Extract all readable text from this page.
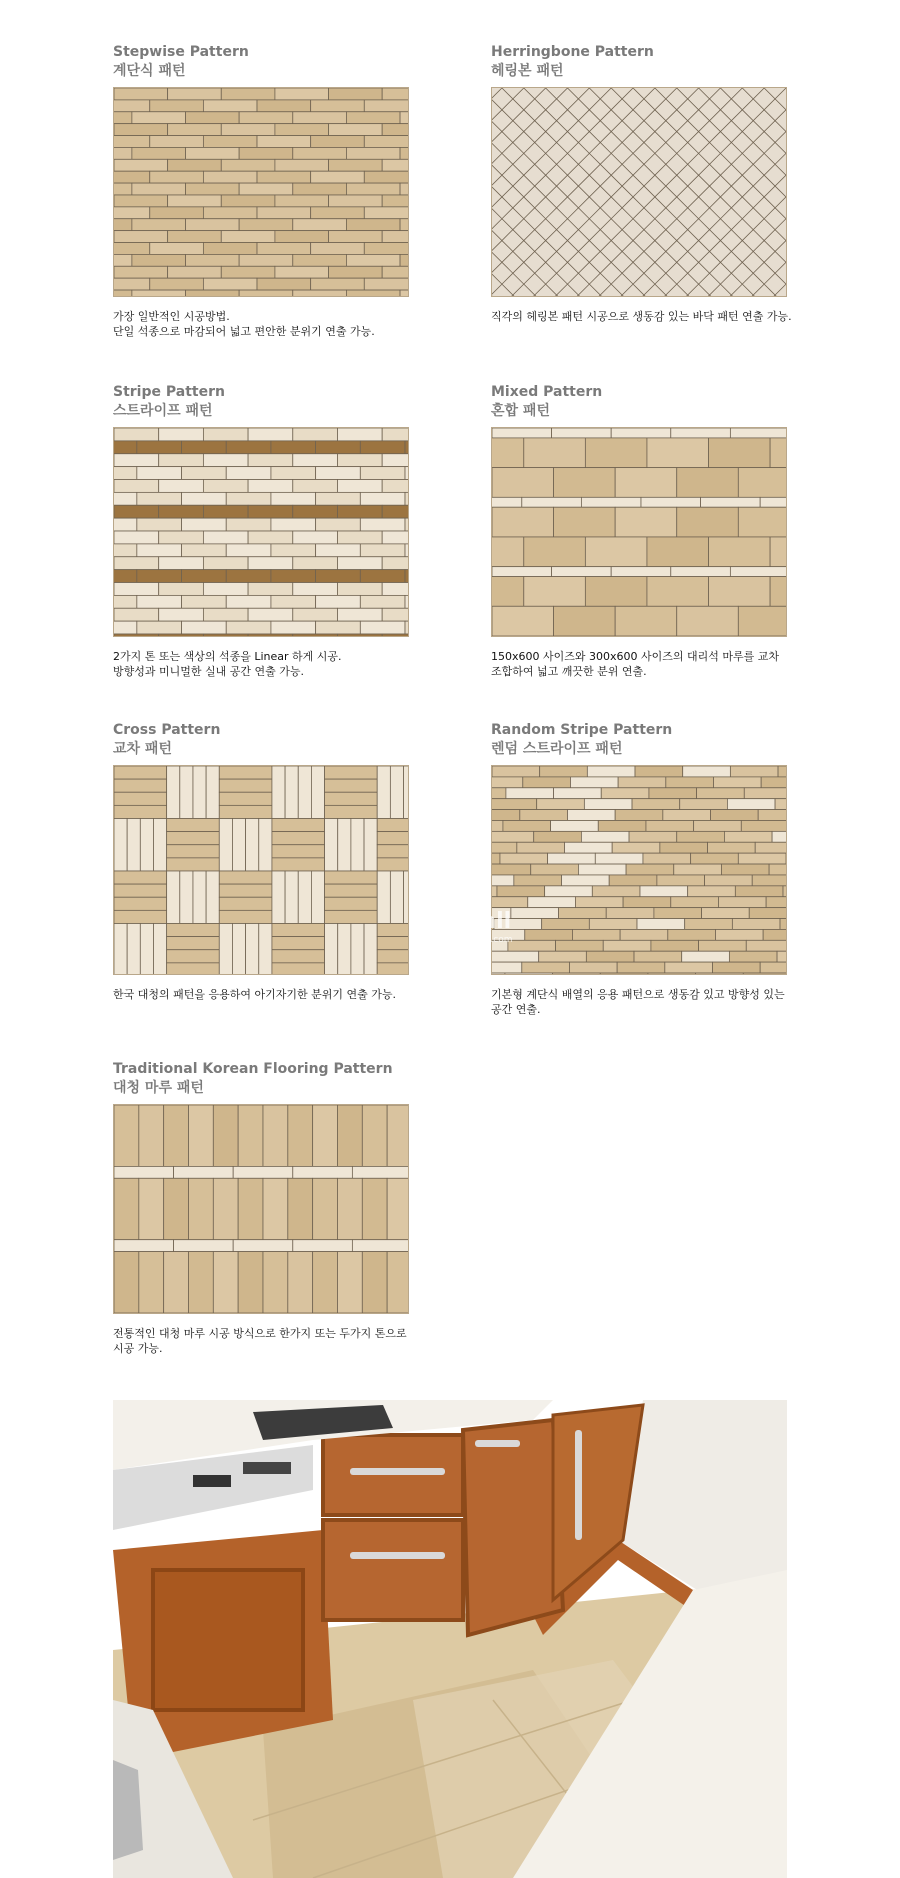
Stepwise Pattern
계단식 패턴
가장 일반적인 시공방법.
단일 석종으로 마감되어 넓고 편안한 분위기 연출 가능.
Herringbone Pattern
헤링본 패턴
직각의 헤링본 패턴 시공으로 생동감 있는 바닥 패턴 연출 가능.
Stripe Pattern
스트라이프 패턴
2가지 톤 또는 색상의 석종을 Linear 하게 시공.
방향성과 미니멀한 실내 공간 연출 가능.
Mixed Pattern
혼합 패턴
150x600 사이즈와 300x600 사이즈의 대리석 마루를 교차
조합하여 넓고 깨끗한 분위 연출.
Cross Pattern
교차 패턴
한국 대청의 패턴을 응용하여 아기자기한 분위기 연출 가능.
Random Stripe Pattern
렌덤 스트라이프 패턴
기본형 계단식 배열의 응용 패턴으로 생동감 있고 방향성 있는
공간 연출.
Traditional Korean Flooring Pattern
대청 마루 패턴
전통적인 대청 마루 시공 방식으로 한가지 또는 두가지 톤으로
시공 가능.
3Dmall
www.royal-tots.com
